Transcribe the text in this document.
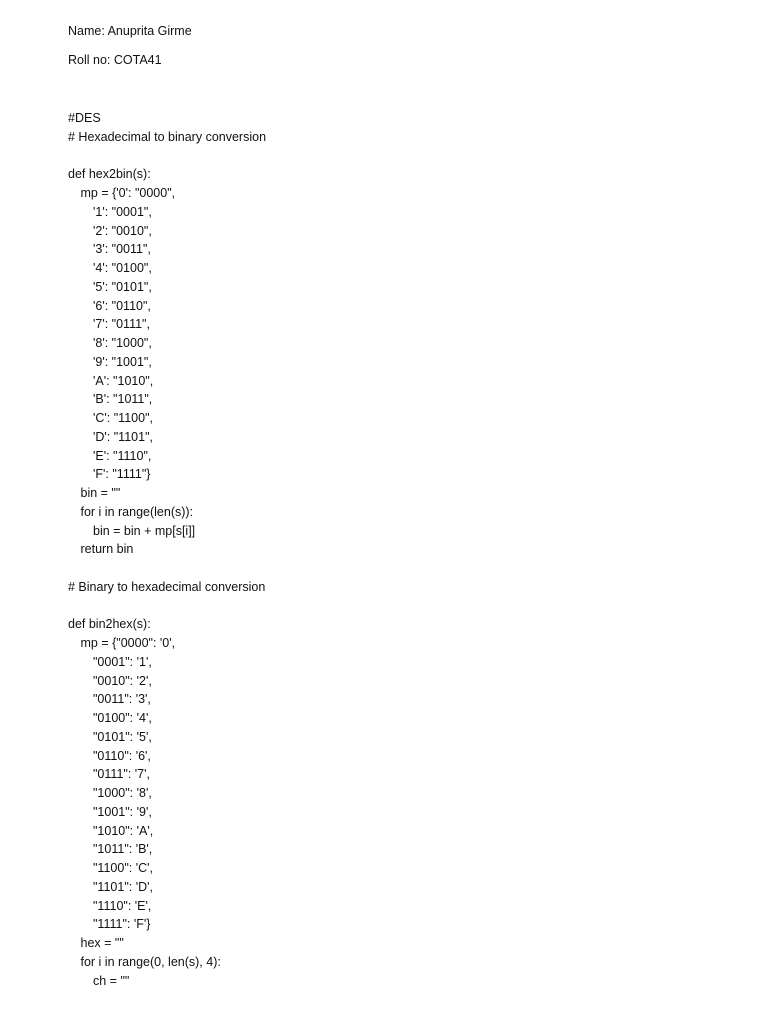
Name: Anuprita Girme
Roll no: COTA41
#DES
# Hexadecimal to binary conversion
def hex2bin(s):
mp = {'0': "0000",
'1': "0001",
'2': "0010",
'3': "0011",
'4': "0100",
'5': "0101",
'6': "0110",
'7': "0111",
'8': "1000",
'9': "1001",
'A': "1010",
'B': "1011",
'C': "1100",
'D': "1101",
'E': "1110",
'F': "1111"}
bin = ""
for i in range(len(s)):
bin = bin + mp[s[i]]
return bin
# Binary to hexadecimal conversion
def bin2hex(s):
mp = {"0000": '0',
"0001": '1',
"0010": '2',
"0011": '3',
"0100": '4',
"0101": '5',
"0110": '6',
"0111": '7',
"1000": '8',
"1001": '9',
"1010": 'A',
"1011": 'B',
"1100": 'C',
"1101": 'D',
"1110": 'E',
"1111": 'F'}
hex = ""
for i in range(0, len(s), 4):
ch = ""
